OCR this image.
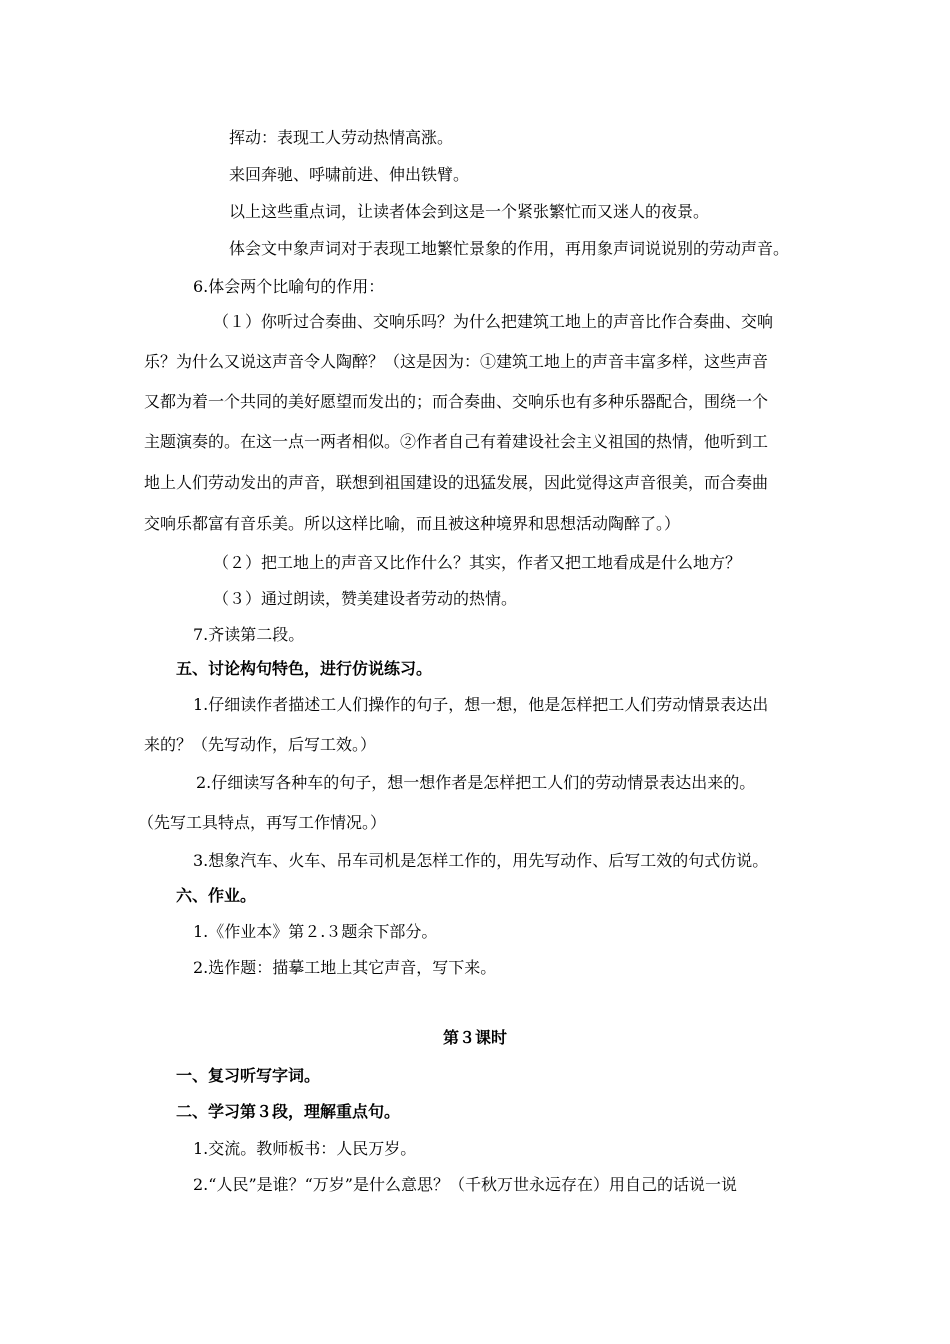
挥动：表现工人劳动热情高涨。
来回奔驰、呼啸前进、伸出铁臂。
以上这些重点词，让读者体会到这是一个紧张繁忙而又迷人的夜景。
体会文中象声词对于表现工地繁忙景象的作用，再用象声词说说别的劳动声音。
6.体会两个比喻句的作用：
（１）你听过合奏曲、交响乐吗？为什么把建筑工地上的声音比作合奏曲、交响
乐？为什么又说这声音令人陶醉？（这是因为：①建筑工地上的声音丰富多样，这些声音
又都为着一个共同的美好愿望而发出的；而合奏曲、交响乐也有多种乐器配合，围绕一个
主题演奏的。在这一点一两者相似。②作者自己有着建设社会主义祖国的热情，他听到工
地上人们劳动发出的声音，联想到祖国建设的迅猛发展，因此觉得这声音很美，而合奏曲
交响乐都富有音乐美。所以这样比喻，而且被这种境界和思想活动陶醉了。）
（２）把工地上的声音又比作什么？其实，作者又把工地看成是什么地方？
（３）通过朗读，赞美建设者劳动的热情。
7.齐读第二段。
五、讨论构句特色，进行仿说练习。
1.仔细读作者描述工人们操作的句子，想一想，他是怎样把工人们劳动情景表达出
来的？（先写动作，后写工效。）
2.仔细读写各种车的句子，想一想作者是怎样把工人们的劳动情景表达出来的。
（先写工具特点，再写工作情况。）
3.想象汽车、火车、吊车司机是怎样工作的，用先写动作、后写工效的句式仿说。
六、作业。
1.《作业本》第２.３题余下部分。
2.选作题：描摹工地上其它声音，写下来。
第３课时
一、复习听写字词。
二、学习第３段，理解重点句。
1.交流。教师板书：人民万岁。
2.“人民”是谁？“万岁”是什么意思？（千秋万世永远存在）用自己的话说一说
